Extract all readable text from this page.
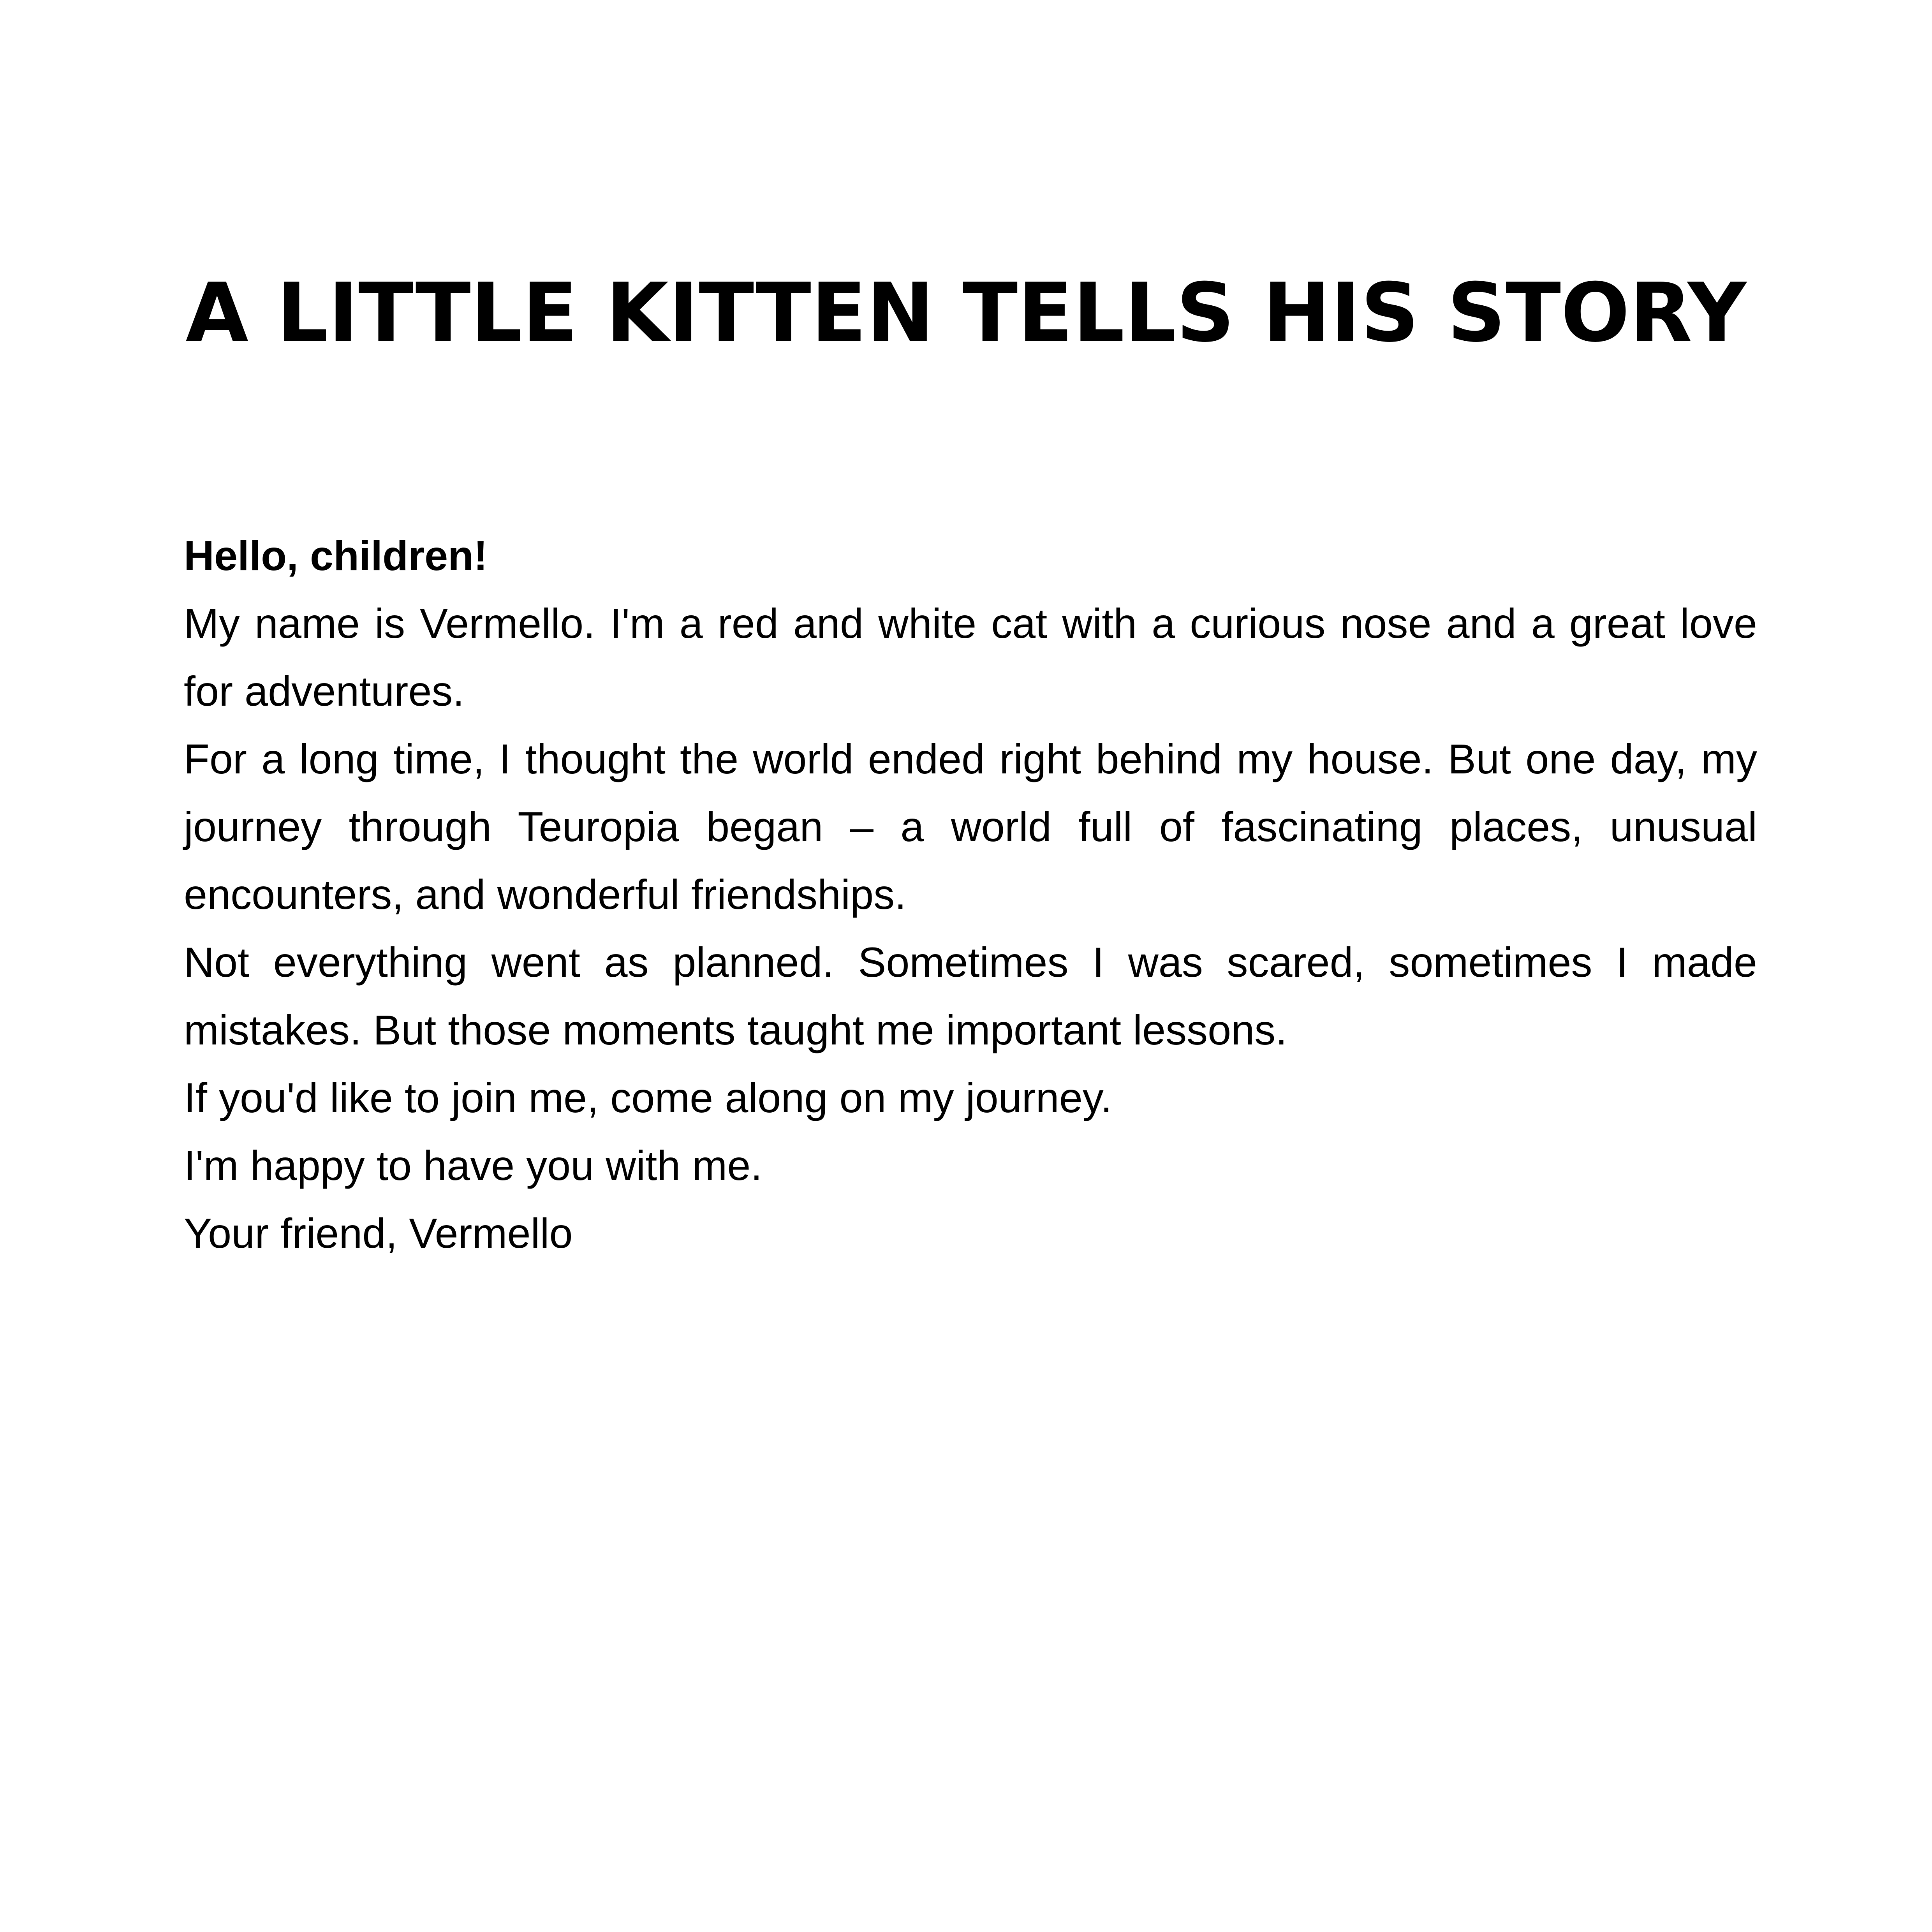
A LITTLE KITTEN TELLS HIS STORY

Hello, children!

My name is Vermello. I'm a red and white cat with a curious nose and a great love for adventures.

For a long time, I thought the world ended right behind my house. But one day, my journey through Teuropia began – a world full of fascinating places, unusual encounters, and wonderful friendships.

Not everything went as planned. Sometimes I was scared, sometimes I made mistakes. But those moments taught me important lessons.

If you'd like to join me, come along on my journey.

I'm happy to have you with me.

Your friend, Vermello
